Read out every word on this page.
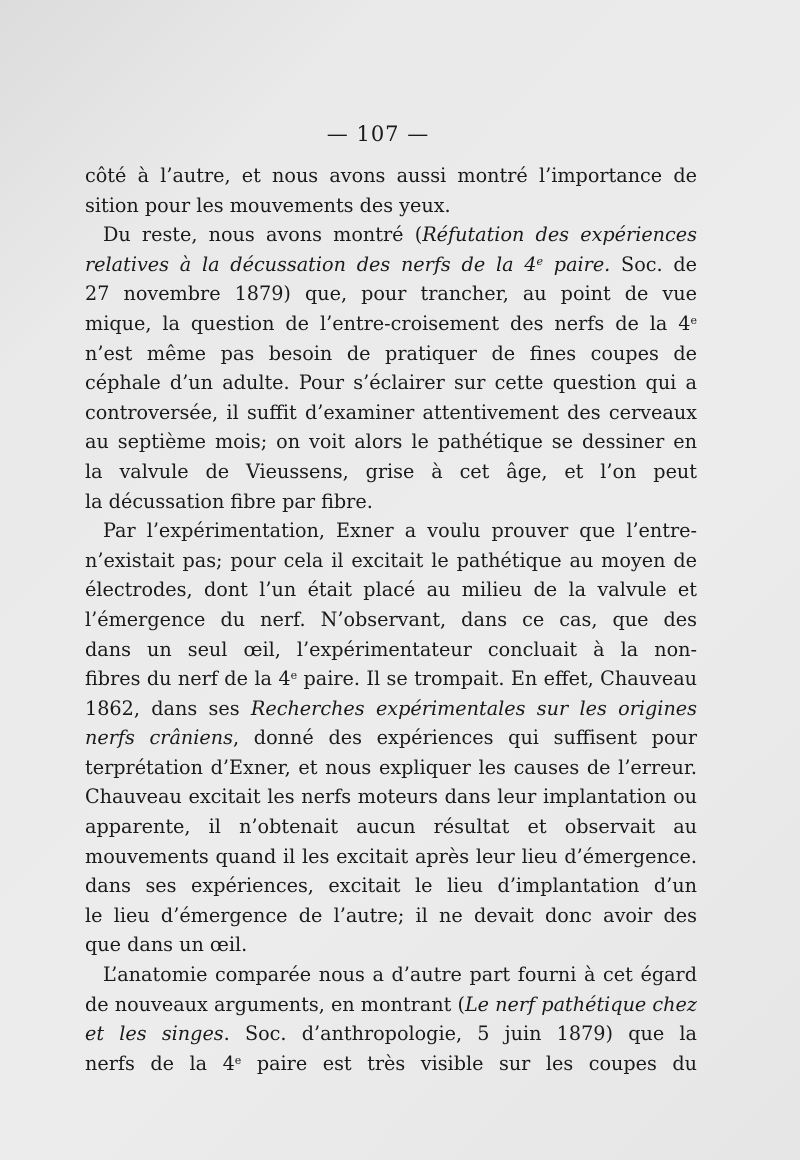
— 107 —
côté à l’autre, et nous avons aussi montré l’importance de
sition pour les mouvements des yeux.
Du reste, nous avons montré (Réfutation des expériences
relatives à la décussation des nerfs de la 4e paire. Soc. de
27 novembre 1879) que, pour trancher, au point de vue
mique, la question de l’entre-croisement des nerfs de la 4e
n’est même pas besoin de pratiquer de fines coupes de
céphale d’un adulte. Pour s’éclairer sur cette question qui a
controversée, il suffit d’examiner attentivement des cerveaux
au septième mois; on voit alors le pathétique se dessiner en
la valvule de Vieussens, grise à cet âge, et l’on peut
la décussation fibre par fibre.
Par l’expérimentation, Exner a voulu prouver que l’entre-
n’existait pas; pour cela il excitait le pathétique au moyen de
électrodes, dont l’un était placé au milieu de la valvule et
l’émergence du nerf. N’observant, dans ce cas, que des
dans un seul œil, l’expérimentateur concluait à la non-
fibres du nerf de la 4e paire. Il se trompait. En effet, Chauveau
1862, dans ses Recherches expérimentales sur les origines
nerfs crâniens, donné des expériences qui suffisent pour
terprétation d’Exner, et nous expliquer les causes de l’erreur.
Chauveau excitait les nerfs moteurs dans leur implantation ou
apparente, il n’obtenait aucun résultat et observait au
mouvements quand il les excitait après leur lieu d’émergence.
dans ses expériences, excitait le lieu d’implantation d’un
le lieu d’émergence de l’autre; il ne devait donc avoir des
que dans un œil.
L’anatomie comparée nous a d’autre part fourni à cet égard
de nouveaux arguments, en montrant (Le nerf pathétique chez
et les singes. Soc. d’anthropologie, 5 juin 1879) que la
nerfs de la 4e paire est très visible sur les coupes du
